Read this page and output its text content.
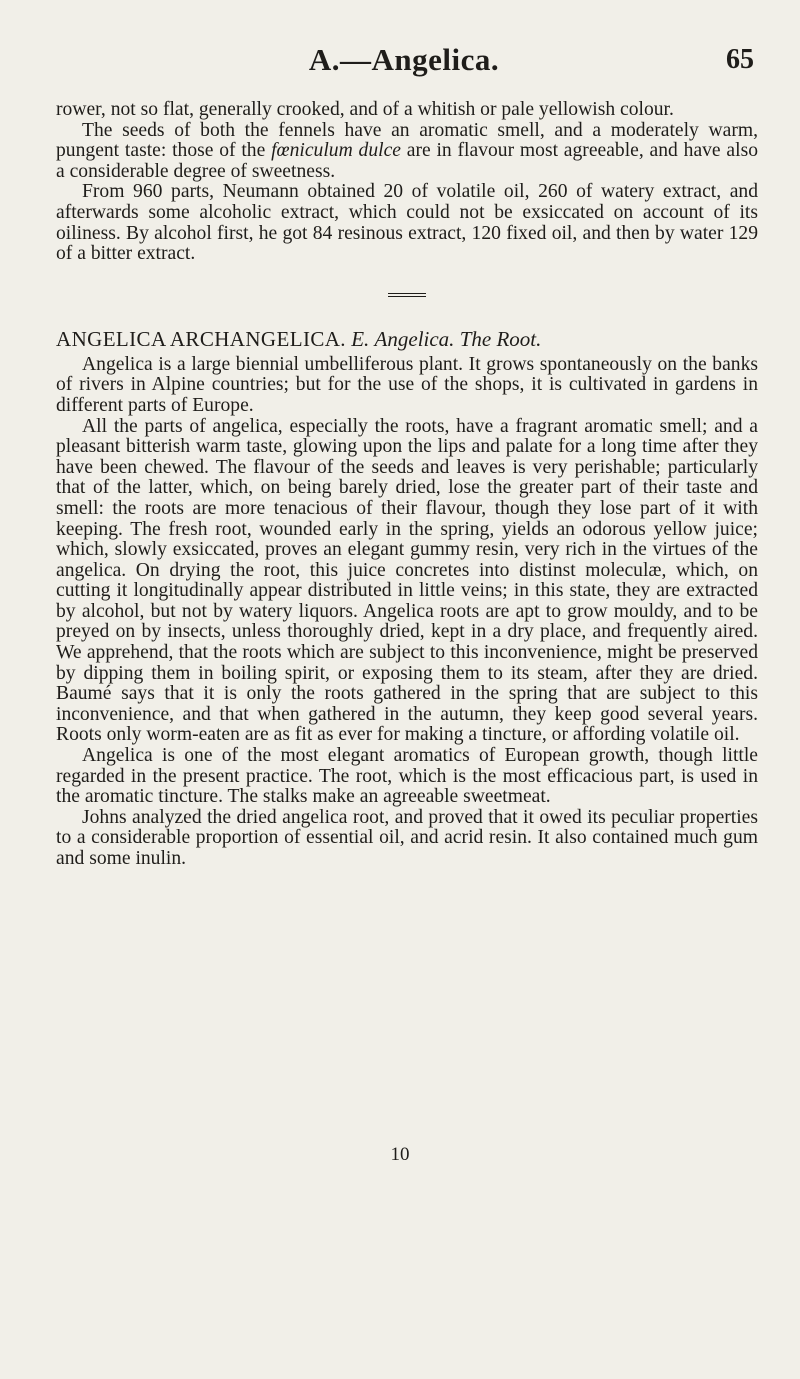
A.—Angelica.	65

rower, not so flat, generally crooked, and of a whitish or pale yellowish colour.

The seeds of both the fennels have an aromatic smell, and a moderately warm, pungent taste: those of the fœniculum dulce are in flavour most agreeable, and have also a considerable degree of sweetness.

From 960 parts, Neumann obtained 20 of volatile oil, 260 of watery extract, and afterwards some alcoholic extract, which could not be exsiccated on account of its oiliness. By alcohol first, he got 84 resinous extract, 120 fixed oil, and then by water 129 of a bitter extract.

ANGELICA ARCHANGELICA. E. Angelica. The Root.

Angelica is a large biennial umbelliferous plant. It grows spontaneously on the banks of rivers in Alpine countries; but for the use of the shops, it is cultivated in gardens in different parts of Europe.

All the parts of angelica, especially the roots, have a fragrant aromatic smell; and a pleasant bitterish warm taste, glowing upon the lips and palate for a long time after they have been chewed. The flavour of the seeds and leaves is very perishable; particularly that of the latter, which, on being barely dried, lose the greater part of their taste and smell: the roots are more tenacious of their flavour, though they lose part of it with keeping. The fresh root, wounded early in the spring, yields an odorous yellow juice; which, slowly exsiccated, proves an elegant gummy resin, very rich in the virtues of the angelica. On drying the root, this juice concretes into distinst moleculæ, which, on cutting it longitudinally appear distributed in little veins; in this state, they are extracted by alcohol, but not by watery liquors. Angelica roots are apt to grow mouldy, and to be preyed on by insects, unless thoroughly dried, kept in a dry place, and frequently aired. We apprehend, that the roots which are subject to this inconvenience, might be preserved by dipping them in boiling spirit, or exposing them to its steam, after they are dried. Baumé says that it is only the roots gathered in the spring that are subject to this inconvenience, and that when gathered in the autumn, they keep good several years. Roots only worm-eaten are as fit as ever for making a tincture, or affording volatile oil.

Angelica is one of the most elegant aromatics of European growth, though little regarded in the present practice. The root, which is the most efficacious part, is used in the aromatic tincture. The stalks make an agreeable sweetmeat.

Johns analyzed the dried angelica root, and proved that it owed its peculiar properties to a considerable proportion of essential oil, and acrid resin. It also contained much gum and some inulin.

10
